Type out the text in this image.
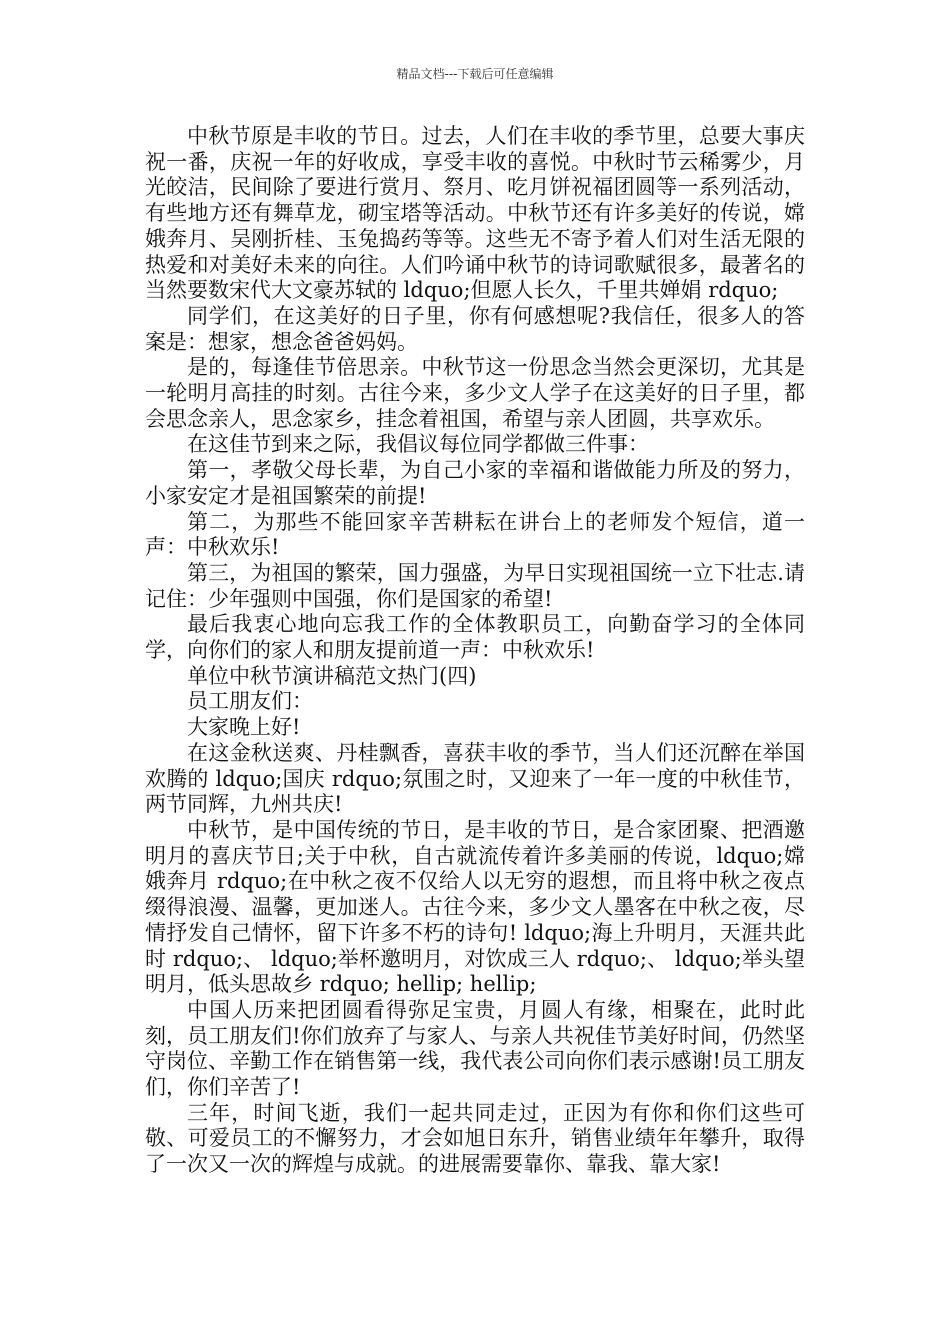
精品文档---下载后可任意编辑

中秋节原是丰收的节日。过去，人们在丰收的季节里，总要大事庆祝一番，庆祝一年的好收成，享受丰收的喜悦。中秋时节云稀雾少，月光皎洁，民间除了要进行赏月、祭月、吃月饼祝福团圆等一系列活动，有些地方还有舞草龙，砌宝塔等活动。中秋节还有许多美好的传说，嫦娥奔月、吴刚折桂、玉兔捣药等等。这些无不寄予着人们对生活无限的热爱和对美好未来的向往。人们吟诵中秋节的诗词歌赋很多，最著名的当然要数宋代大文豪苏轼的 ldquo;但愿人长久，千里共婵娟 rdquo;

同学们，在这美好的日子里，你有何感想呢?我信任，很多人的答案是：想家，想念爸爸妈妈。

是的，每逢佳节倍思亲。中秋节这一份思念当然会更深切，尤其是一轮明月高挂的时刻。古往今来，多少文人学子在这美好的日子里，都会思念亲人，思念家乡，挂念着祖国，希望与亲人团圆，共享欢乐。

在这佳节到来之际，我倡议每位同学都做三件事：

第一，孝敬父母长辈，为自己小家的幸福和谐做能力所及的努力，小家安定才是祖国繁荣的前提!

第二，为那些不能回家辛苦耕耘在讲台上的老师发个短信，道一声：中秋欢乐!

第三，为祖国的繁荣，国力强盛，为早日实现祖国统一立下壮志.请记住：少年强则中国强，你们是国家的希望!

最后我衷心地向忘我工作的全体教职员工，向勤奋学习的全体同学，向你们的家人和朋友提前道一声：中秋欢乐!

单位中秋节演讲稿范文热门(四)

员工朋友们：

大家晚上好!

在这金秋送爽、丹桂飘香，喜获丰收的季节，当人们还沉醉在举国欢腾的 ldquo;国庆 rdquo;氛围之时，又迎来了一年一度的中秋佳节，两节同辉，九州共庆!

中秋节，是中国传统的节日，是丰收的节日，是合家团聚、把酒邀明月的喜庆节日;关于中秋，自古就流传着许多美丽的传说，ldquo;嫦娥奔月 rdquo;在中秋之夜不仅给人以无穷的遐想，而且将中秋之夜点缀得浪漫、温馨，更加迷人。古往今来，多少文人墨客在中秋之夜，尽情抒发自己情怀，留下许多不朽的诗句! ldquo;海上升明月，天涯共此时 rdquo;、 ldquo;举杯邀明月，对饮成三人 rdquo;、 ldquo;举头望明月，低头思故乡 rdquo; hellip; hellip;

中国人历来把团圆看得弥足宝贵，月圆人有缘，相聚在，此时此刻，员工朋友们!你们放弃了与家人、与亲人共祝佳节美好时间，仍然坚守岗位、辛勤工作在销售第一线，我代表公司向你们表示感谢!员工朋友们，你们辛苦了!

三年，时间飞逝，我们一起共同走过，正因为有你和你们这些可敬、可爱员工的不懈努力，才会如旭日东升，销售业绩年年攀升，取得了一次又一次的辉煌与成就。的进展需要靠你、靠我、靠大家!
